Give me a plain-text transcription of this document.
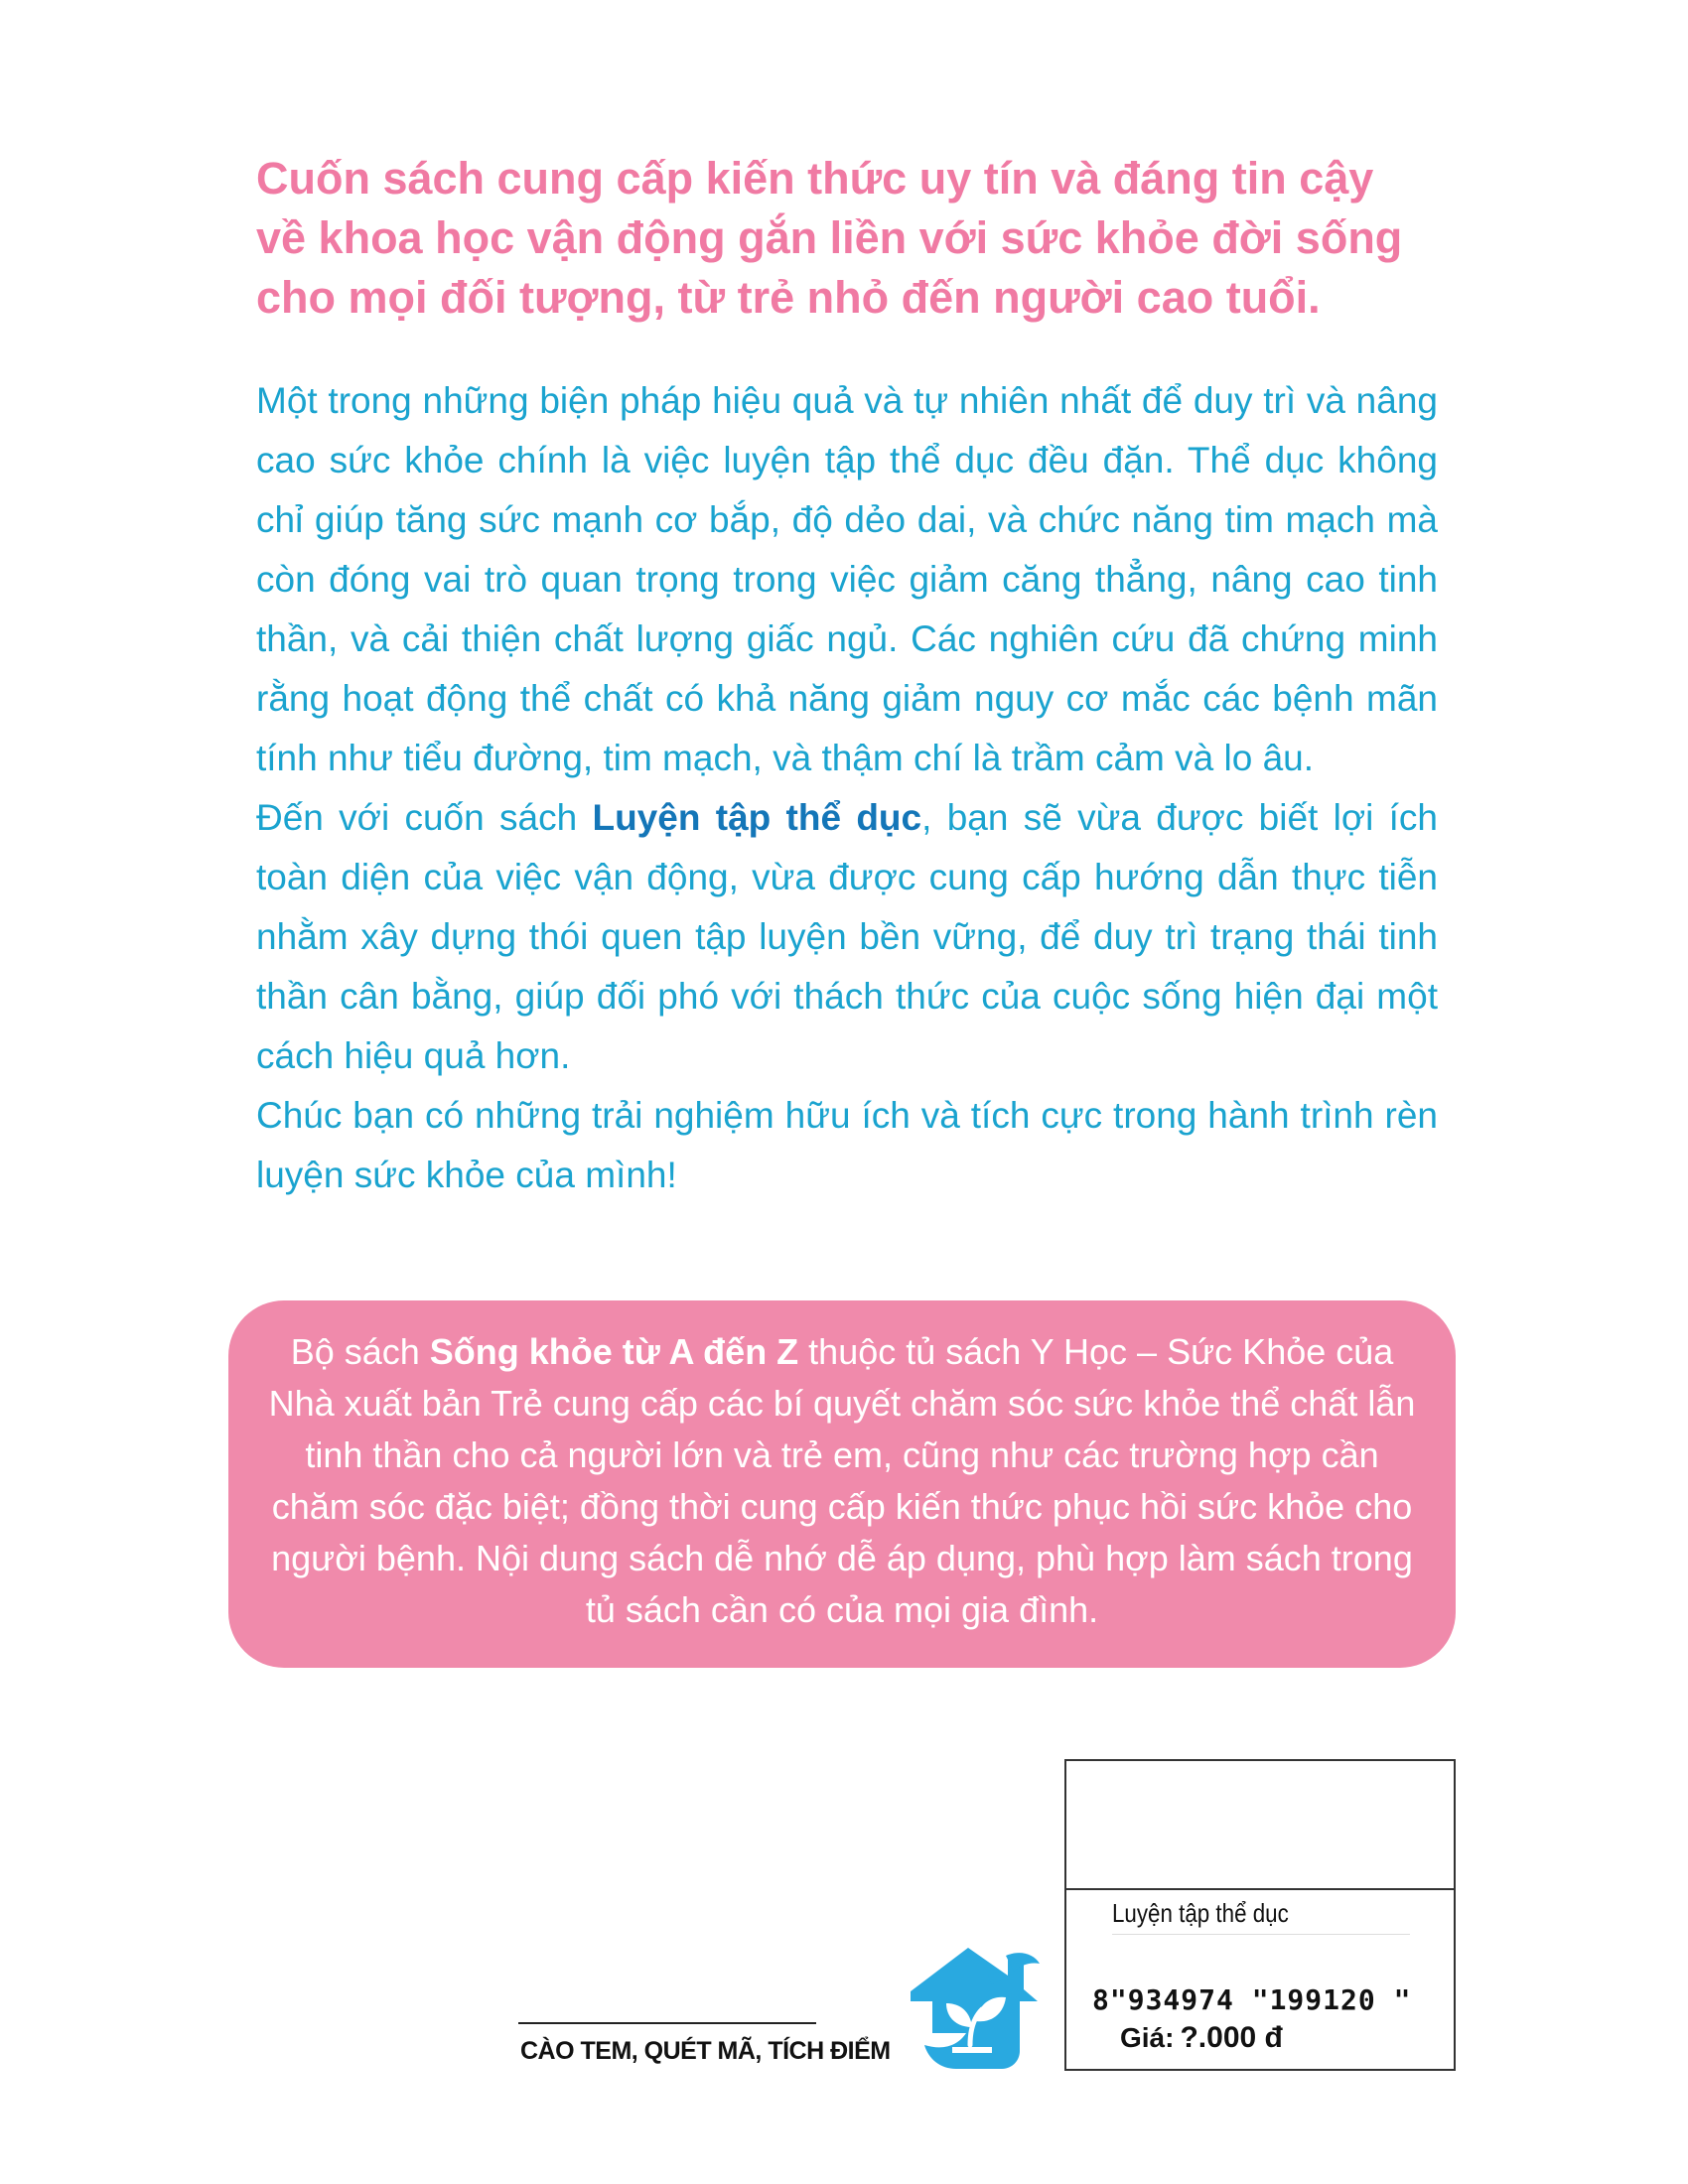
Cuốn sách cung cấp kiến thức uy tín và đáng tin cậy
về khoa học vận động gắn liền với sức khỏe đời sống
cho mọi đối tượng, từ trẻ nhỏ đến người cao tuổi.

Một trong những biện pháp hiệu quả và tự nhiên nhất để duy trì và nâng cao sức khỏe chính là việc luyện tập thể dục đều đặn. Thể dục không chỉ giúp tăng sức mạnh cơ bắp, độ dẻo dai, và chức năng tim mạch mà còn đóng vai trò quan trọng trong việc giảm căng thẳng, nâng cao tinh thần, và cải thiện chất lượng giấc ngủ. Các nghiên cứu đã chứng minh rằng hoạt động thể chất có khả năng giảm nguy cơ mắc các bệnh mãn tính như tiểu đường, tim mạch, và thậm chí là trầm cảm và lo âu.

Đến với cuốn sách Luyện tập thể dục, bạn sẽ vừa được biết lợi ích toàn diện của việc vận động, vừa được cung cấp hướng dẫn thực tiễn nhằm xây dựng thói quen tập luyện bền vững, để duy trì trạng thái tinh thần cân bằng, giúp đối phó với thách thức của cuộc sống hiện đại một cách hiệu quả hơn.

Chúc bạn có những trải nghiệm hữu ích và tích cực trong hành trình rèn luyện sức khỏe của mình!

Bộ sách Sống khỏe từ A đến Z thuộc tủ sách Y Học – Sức Khỏe của Nhà xuất bản Trẻ cung cấp các bí quyết chăm sóc sức khỏe thể chất lẫn tinh thần cho cả người lớn và trẻ em, cũng như các trường hợp cần chăm sóc đặc biệt; đồng thời cung cấp kiến thức phục hồi sức khỏe cho người bệnh. Nội dung sách dễ nhớ dễ áp dụng, phù hợp làm sách trong tủ sách cần có của mọi gia đình.

CÀO TEM, QUÉT MÃ, TÍCH ĐIỂM
Luyện tập thể dục
8"934974 "199120 "
Giá: ?.000 đ
